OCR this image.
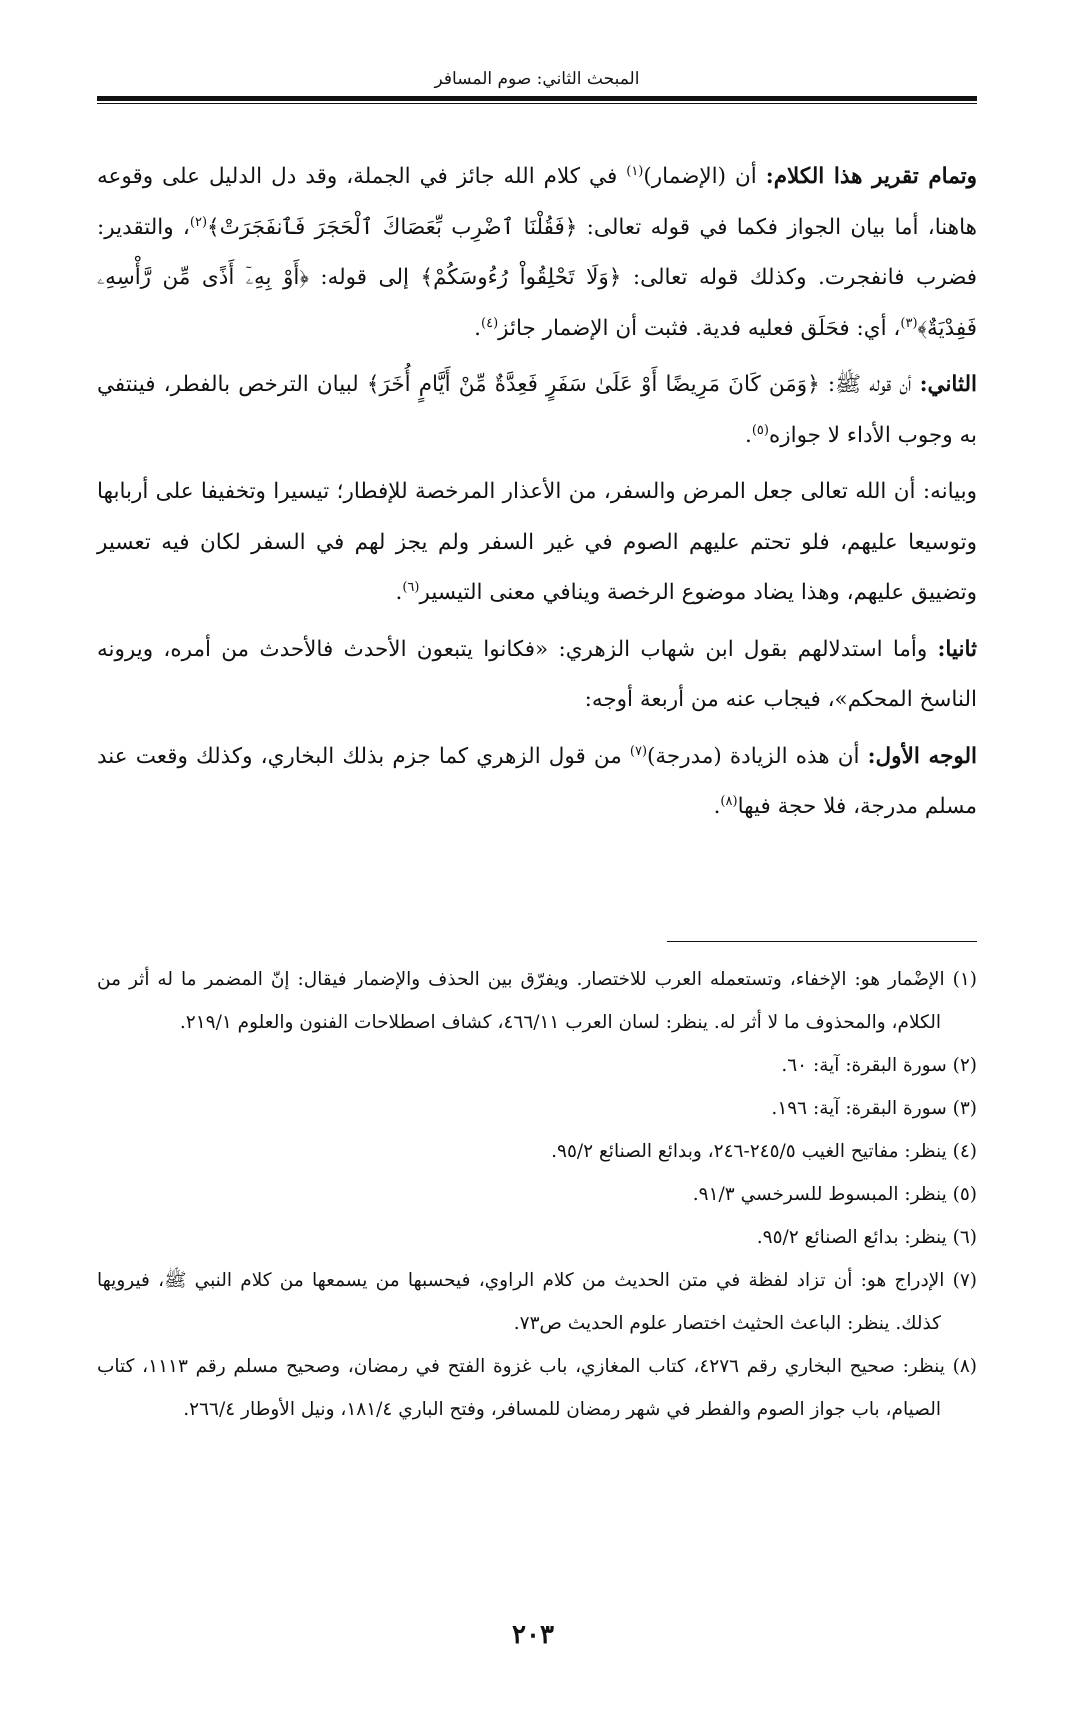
المبحث الثاني: صوم المسافر

وتمام تقرير هذا الكلام: أن (الإضمار)$^{(١)}$ في كلام الله جائز في الجملة، وقد دل الدليل على وقوعه هاهنا، أما بيان الجواز فكما في قوله تعالى: ﴿فَقُلْنَا ٱضْرِب بِّعَصَاكَ ٱلْحَجَرَ فَٱنفَجَرَتْ﴾$^{(٢)}$، والتقدير: فضرب فانفجرت. وكذلك قوله تعالى: ﴿وَلَا تَحْلِقُواْ رُءُوسَكُمْ﴾ إلى قوله: ﴿أَوْ بِهِۦٓ أَذًى مِّن رَّأْسِهِۦ فَفِدْيَةٌ﴾$^{(٣)}$، أي: فحَلَق فعليه فدية. فثبت أن الإضمار جائز$^{(٤)}$.

الثاني: أن قوله ﷺ: ﴿وَمَن كَانَ مَرِيضًا أَوْ عَلَىٰ سَفَرٍ فَعِدَّةٌ مِّنْ أَيَّامٍ أُخَرَ﴾ لبيان الترخص بالفطر، فينتفي به وجوب الأداء لا جوازه$^{(٥)}$.

وبيانه: أن الله تعالى جعل المرض والسفر، من الأعذار المرخصة للإفطار؛ تيسيرا وتخفيفا على أربابها وتوسيعا عليهم، فلو تحتم عليهم الصوم في غير السفر ولم يجز لهم في السفر لكان فيه تعسير وتضييق عليهم، وهذا يضاد موضوع الرخصة وينافي معنى التيسير$^{(٦)}$.

ثانيا: وأما استدلالهم بقول ابن شهاب الزهري: «فكانوا يتبعون الأحدث فالأحدث من أمره، ويرونه الناسخ المحكم»، فيجاب عنه من أربعة أوجه:

الوجه الأول: أن هذه الزيادة (مدرجة)$^{(٧)}$ من قول الزهري كما جزم بذلك البخاري، وكذلك وقعت عند مسلم مدرجة، فلا حجة فيها$^{(٨)}$.

(١) الإضْمار هو: الإخفاء، وتستعمله العرب للاختصار. ويفرّق بين الحذف والإضمار فيقال: إنّ المضمر ما له أثر من الكلام، والمحذوف ما لا أثر له. ينظر: لسان العرب ٤٦٦/١١، كشاف اصطلاحات الفنون والعلوم ٢١٩/١.

(٢) سورة البقرة: آية: ٦٠.

(٣) سورة البقرة: آية: ١٩٦.

(٤) ينظر: مفاتيح الغيب ٢٤٥/٥-٢٤٦، وبدائع الصنائع ٩٥/٢.

(٥) ينظر: المبسوط للسرخسي ٩١/٣.

(٦) ينظر: بدائع الصنائع ٩٥/٢.

(٧) الإدراج هو: أن تزاد لفظة في متن الحديث من كلام الراوي، فيحسبها من يسمعها من كلام النبي ﷺ، فيرويها كذلك. ينظر: الباعث الحثيث اختصار علوم الحديث ص٧٣.

(٨) ينظر: صحيح البخاري رقم ٤٢٧٦، كتاب المغازي، باب غزوة الفتح في رمضان، وصحيح مسلم رقم ١١١٣، كتاب الصيام، باب جواز الصوم والفطر في شهر رمضان للمسافر، وفتح الباري ١٨١/٤، ونيل الأوطار ٢٦٦/٤.

٢٠٣
